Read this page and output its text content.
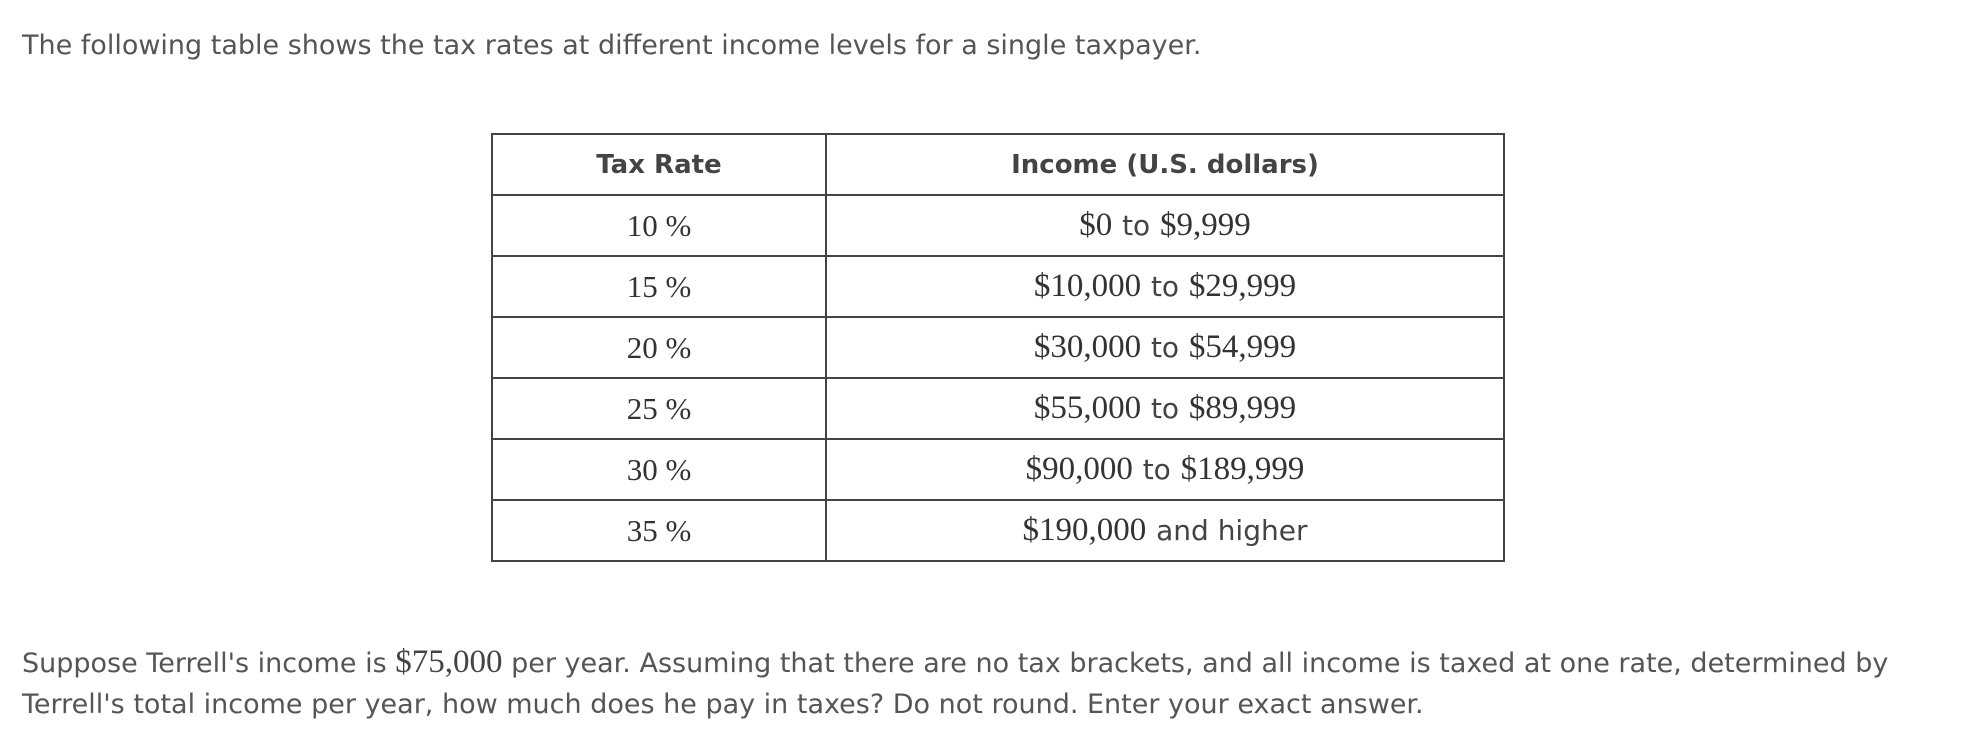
The following table shows the tax rates at different income levels for a single taxpayer.

Tax Rate	Income (U.S. dollars)
10 %	$0 to $9,999
15 %	$10,000 to $29,999
20 %	$30,000 to $54,999
25 %	$55,000 to $89,999
30 %	$90,000 to $189,999
35 %	$190,000 and higher

Suppose Terrell's income is $75,000 per year. Assuming that there are no tax brackets, and all income is taxed at one rate, determined by Terrell's total income per year, how much does he pay in taxes? Do not round. Enter your exact answer.
